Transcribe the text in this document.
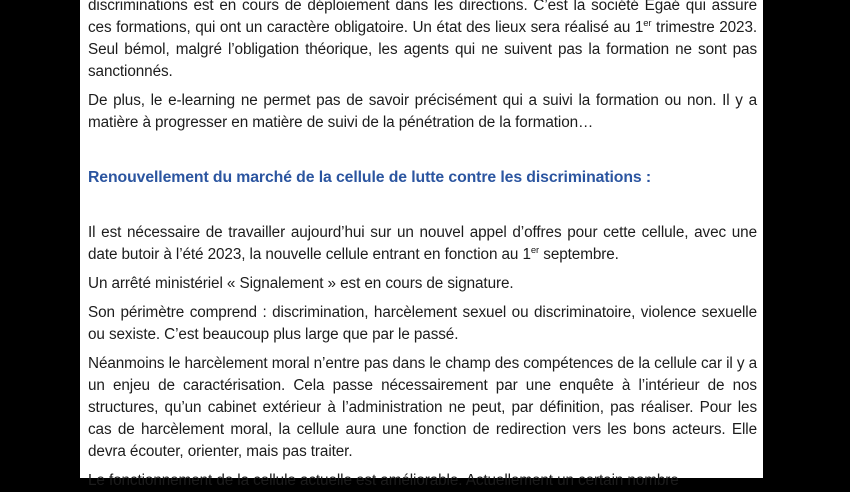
discriminations est en cours de déploiement dans les directions. C’est la société Egaé qui assure ces formations, qui ont un caractère obligatoire. Un état des lieux sera réalisé au 1er trimestre 2023. Seul bémol, malgré l’obligation théorique, les agents qui ne suivent pas la formation ne sont pas sanctionnés.

De plus, le e-learning ne permet pas de savoir précisément qui a suivi la formation ou non. Il y a matière à progresser en matière de suivi de la pénétration de la formation…

Renouvellement du marché de la cellule de lutte contre les discriminations :

Il est nécessaire de travailler aujourd’hui sur un nouvel appel d’offres pour cette cellule, avec une date butoir à l’été 2023, la nouvelle cellule entrant en fonction au 1er septembre.

Un arrêté ministériel « Signalement » est en cours de signature.

Son périmètre comprend : discrimination, harcèlement sexuel ou discriminatoire, violence sexuelle ou sexiste. C’est beaucoup plus large que par le passé.

Néanmoins le harcèlement moral n’entre pas dans le champ des compétences de la cellule car il y a un enjeu de caractérisation. Cela passe nécessairement par une enquête à l’intérieur de nos structures, qu’un cabinet extérieur à l’administration ne peut, par définition, pas réaliser. Pour les cas de harcèlement moral, la cellule aura une fonction de redirection vers les bons acteurs. Elle devra écouter, orienter, mais pas traiter.

Le fonctionnement de la cellule actuelle est améliorable. Actuellement un certain nombre
